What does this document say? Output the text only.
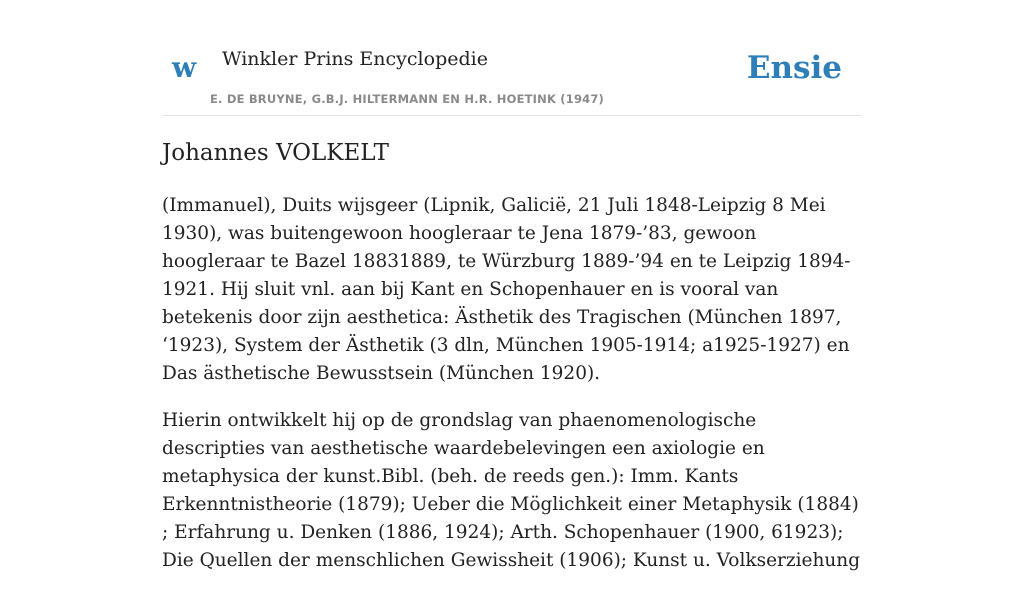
w Winkler Prins Encyclopedie
E. DE BRUYNE, G.B.J. HILTERMANN EN H.R. HOETINK (1947)
Ensie
Johannes VOLKELT

(Immanuel), Duits wijsgeer (Lipnik, Galicië, 21 Juli 1848-Leipzig 8 Mei 1930), was buitengewoon hoogleraar te Jena 1879-’83, gewoon hoogleraar te Bazel 18831889, te Würzburg 1889-’94 en te Leipzig 1894-1921. Hij sluit vnl. aan bij Kant en Schopenhauer en is vooral van betekenis door zijn aesthetica: Ästhetik des Tragischen (München 1897, ‘1923), System der Ästhetik (3 dln, München 1905-1914; a1925-1927) en Das ästhetische Bewusstsein (München 1920).

Hierin ontwikkelt hij op de grondslag van phaenomenologische descripties van aesthetische waardebelevingen een axiologie en metaphysica der kunst.Bibl. (beh. de reeds gen.): Imm. Kants Erkenntnistheorie (1879); Ueber die Möglichkeit einer Metaphysik (1884) ; Erfahrung u. Denken (1886, 1924); Arth. Schopenhauer (1900, 61923); Die Quellen der menschlichen Gewissheit (1906); Kunst u. Volkserziehung
